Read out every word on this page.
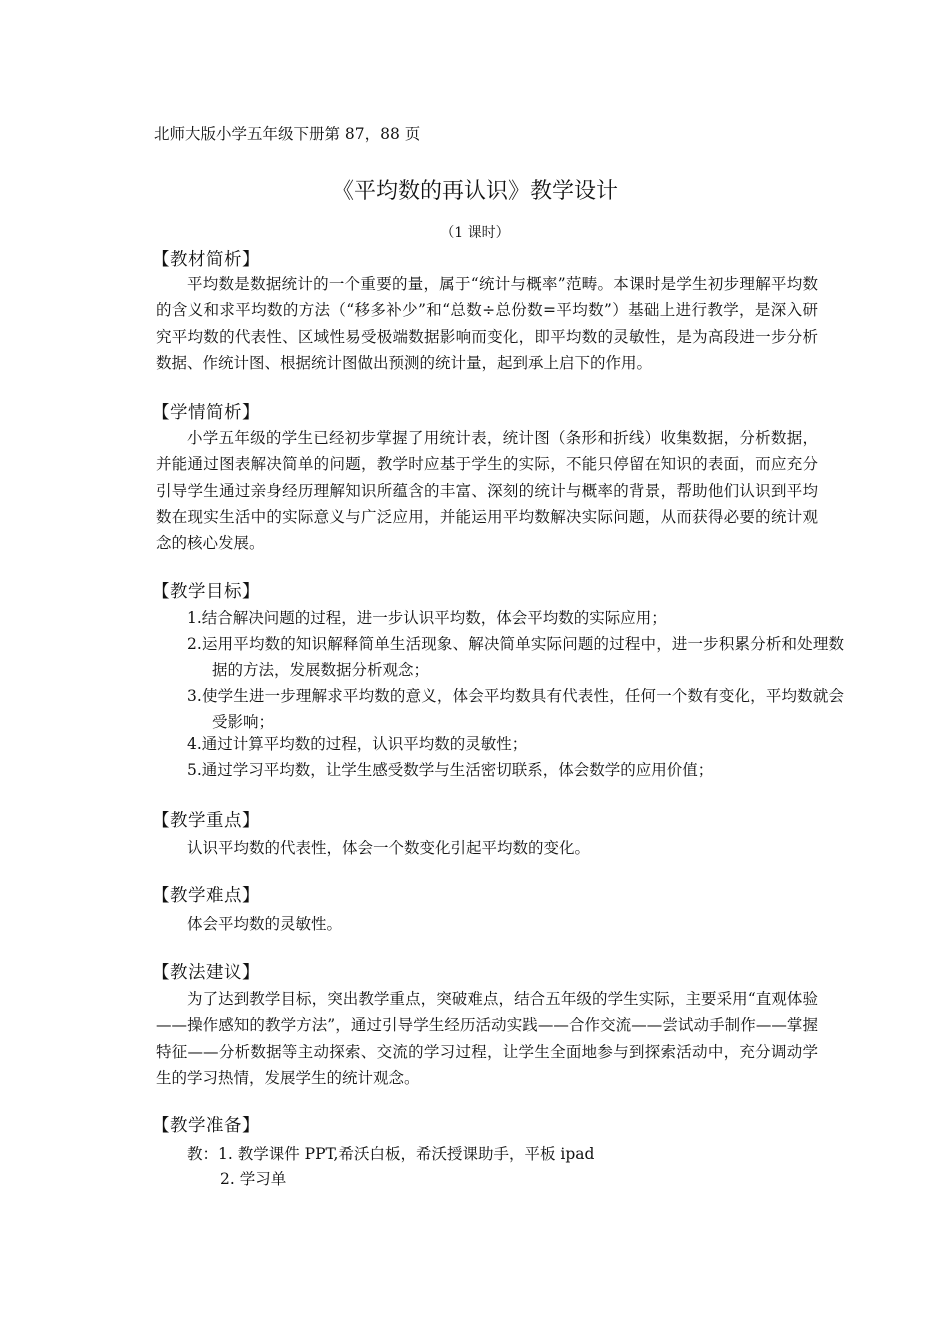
北师大版小学五年级下册第 87，88 页
《平均数的再认识》教学设计
（1 课时）
【教材简析】

平均数是数据统计的一个重要的量，属于“统计与概率”范畴。本课时是学生初步理解平均数的含义和求平均数的方法（“移多补少”和“总数÷总份数=平均数”）基础上进行教学，是深入研究平均数的代表性、区域性易受极端数据影响而变化，即平均数的灵敏性，是为高段进一步分析数据、作统计图、根据统计图做出预测的统计量，起到承上启下的作用。

【学情简析】

小学五年级的学生已经初步掌握了用统计表，统计图（条形和折线）收集数据，分析数据，并能通过图表解决简单的问题，教学时应基于学生的实际，不能只停留在知识的表面，而应充分引导学生通过亲身经历理解知识所蕴含的丰富、深刻的统计与概率的背景，帮助他们认识到平均数在现实生活中的实际意义与广泛应用，并能运用平均数解决实际问题，从而获得必要的统计观念的核心发展。

【教学目标】

1.结合解决问题的过程，进一步认识平均数，体会平均数的实际应用；

2.运用平均数的知识解释简单生活现象、解决简单实际问题的过程中，进一步积累分析和处理数据的方法，发展数据分析观念；

3.使学生进一步理解求平均数的意义，体会平均数具有代表性，任何一个数有变化，平均数就会受影响；

4.通过计算平均数的过程，认识平均数的灵敏性；

5.通过学习平均数，让学生感受数学与生活密切联系，体会数学的应用价值；

【教学重点】
认识平均数的代表性，体会一个数变化引起平均数的变化。
【教学难点】
体会平均数的灵敏性。
【教法建议】

为了达到教学目标，突出教学重点，突破难点，结合五年级的学生实际，主要采用“直观体验——操作感知的教学方法”，通过引导学生经历活动实践——合作交流——尝试动手制作——掌握特征——分析数据等主动探索、交流的学习过程，让学生全面地参与到探索活动中，充分调动学生的学习热情，发展学生的统计观念。

【教学准备】
教：1. 教学课件 PPT,希沃白板，希沃授课助手，平板 ipad
2. 学习单
